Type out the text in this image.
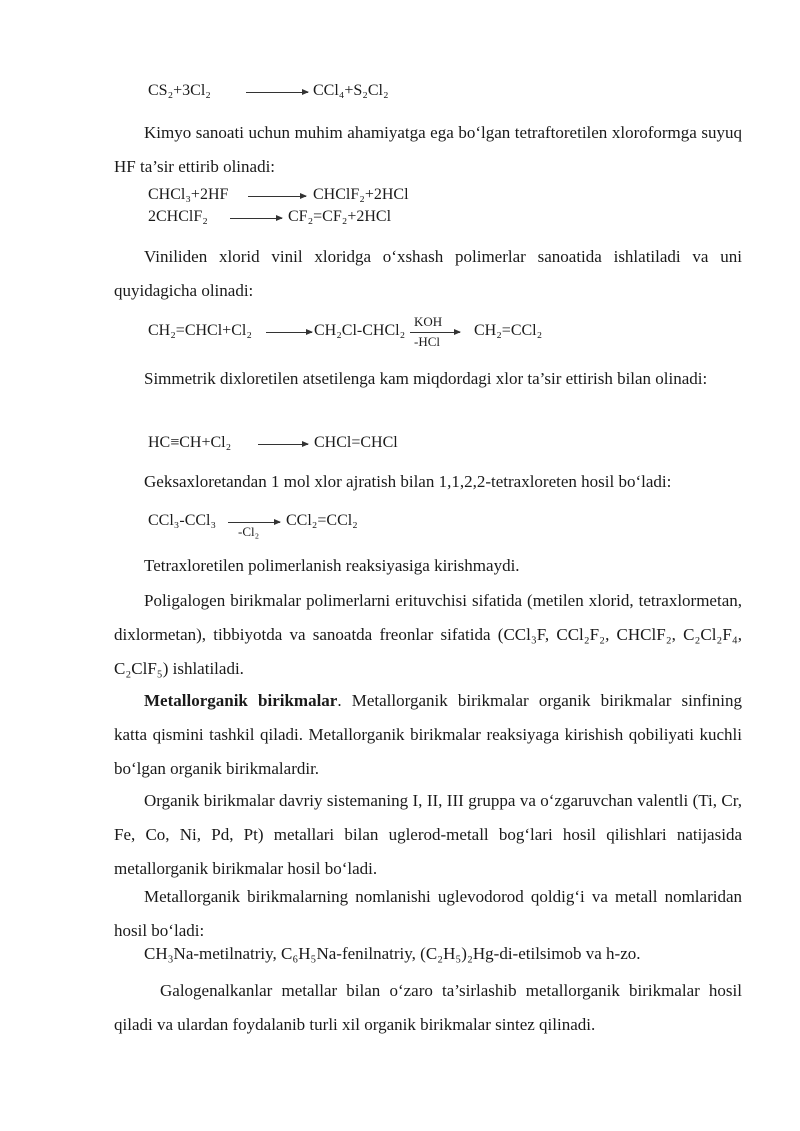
CS₂+3Cl₂ → CCl₄+S₂Cl₂
Kimyo sanoati uchun muhim ahamiyatga ega bo‘lgan tetraftoretilen xloroformga suyuq HF ta’sir ettirib olinadi:
CHCl₃+2HF → CHClF₂+2HCl
2CHClF₂ → CF₂=CF₂+2HCl
Viniliden xlorid vinil xloridga o‘xshash polimerlar sanoatida ishlatiladi va uni quyidagicha olinadi:
CH₂=CHCl+Cl₂ → CH₂Cl-CHCl₂
KOH
-HCl
CH₂=CCl₂
Simmetrik dixloretilen atsetilenga kam miqdordagi xlor ta’sir ettirish bilan olinadi:
HC≡CH+Cl₂ → CHCl=CHCl
Geksaxloretandan 1 mol xlor ajratish bilan 1,1,2,2-tetraxloreten hosil bo‘ladi:
CCl₃-CCl₃ →
-Cl₂
CCl₂=CCl₂
Tetraxloretilen polimerlanish reaksiyasiga kirishmaydi.
Poligalogen birikmalar polimerlarni erituvchisi sifatida (metilen xlorid, tetraxlormetan, dixlormetan), tibbiyotda va sanoatda freonlar sifatida (CCl₃F, CCl₂F₂, CHClF₂, C₂Cl₂F₄, C₂ClF₅) ishlatiladi.
Metallorganik birikmalar. Metallorganik birikmalar organik birikmalar sinfining katta qismini tashkil qiladi. Metallorganik birikmalar reaksiyaga kirishish qobiliyati kuchli bo‘lgan organik birikmalardir.
Organik birikmalar davriy sistemaning I, II, III gruppa va o‘zgaruvchan valentli (Ti, Cr, Fe, Co, Ni, Pd, Pt) metallari bilan uglerod-metall bog‘lari hosil qilishlari natijasida metallorganik birikmalar hosil bo‘ladi.
Metallorganik birikmalarning nomlanishi uglevodorod qoldig‘i va metall nomlaridan hosil bo‘ladi:
CH₃Na-metilnatriy, C₆H₅Na-fenilnatriy, (C₂H₅)₂Hg-di-etilsimob va h-zo.
Galogenalkanlar metallar bilan o‘zaro ta’sirlashib metallorganik birikmalar hosil qiladi va ulardan foydalanib turli xil organik birikmalar sintez qilinadi.
